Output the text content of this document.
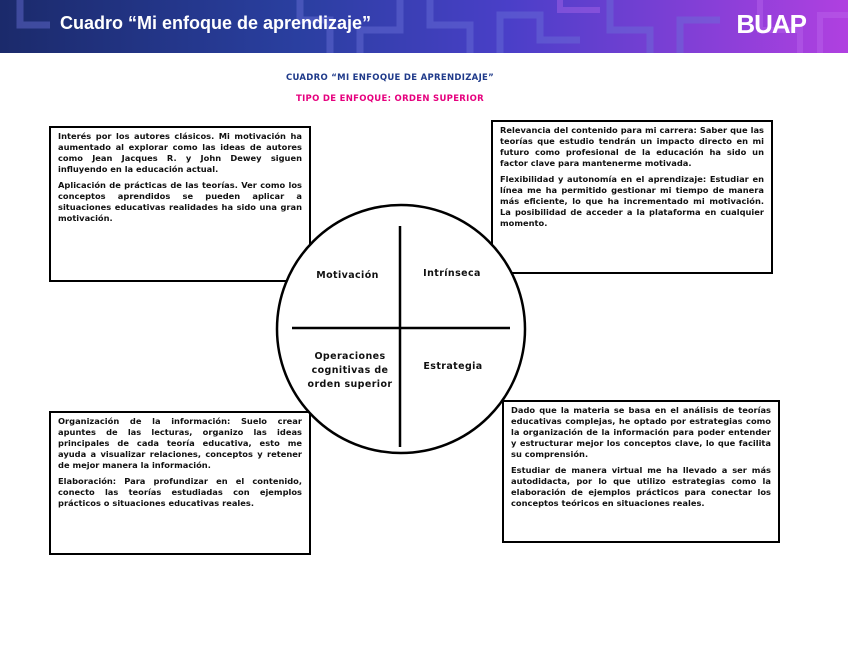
Cuadro “Mi enfoque de aprendizaje”	BUAP
CUADRO “MI ENFOQUE DE APRENDIZAJE”
TIPO DE ENFOQUE: ORDEN SUPERIOR

Interés por los autores clásicos. Mi motivación ha aumentado al explorar como las ideas de autores como Jean Jacques R. y John Dewey siguen influyendo en la educación actual.

Aplicación de prácticas de las teorías. Ver como los conceptos aprendidos se pueden aplicar a situaciones educativas realidades ha sido una gran motivación.

Relevancia del contenido para mi carrera: Saber que las teorías que estudio tendrán un impacto directo en mi futuro como profesional de la educación ha sido un factor clave para mantenerme motivada.

Flexibilidad y autonomía en el aprendizaje: Estudiar en línea me ha permitido gestionar mi tiempo de manera más eficiente, lo que ha incrementado mi motivación. La posibilidad de acceder a la plataforma en cualquier momento.

Organización de la información: Suelo crear apuntes de las lecturas, organizo las ideas principales de cada teoría educativa, esto me ayuda a visualizar relaciones, conceptos y retener de mejor manera la información.

Elaboración: Para profundizar en el contenido, conecto las teorías estudiadas con ejemplos prácticos o situaciones educativas reales.

Dado que la materia se basa en el análisis de teorías educativas complejas, he optado por estrategias como la organización de la información para poder entender y estructurar mejor los conceptos clave, lo que facilita su comprensión.

Estudiar de manera virtual me ha llevado a ser más autodidacta, por lo que utilizo estrategias como la elaboración de ejemplos prácticos para conectar los conceptos teóricos en situaciones reales.

Motivación	Intrínseca
Operaciones cognitivas de orden superior
Estrategia
